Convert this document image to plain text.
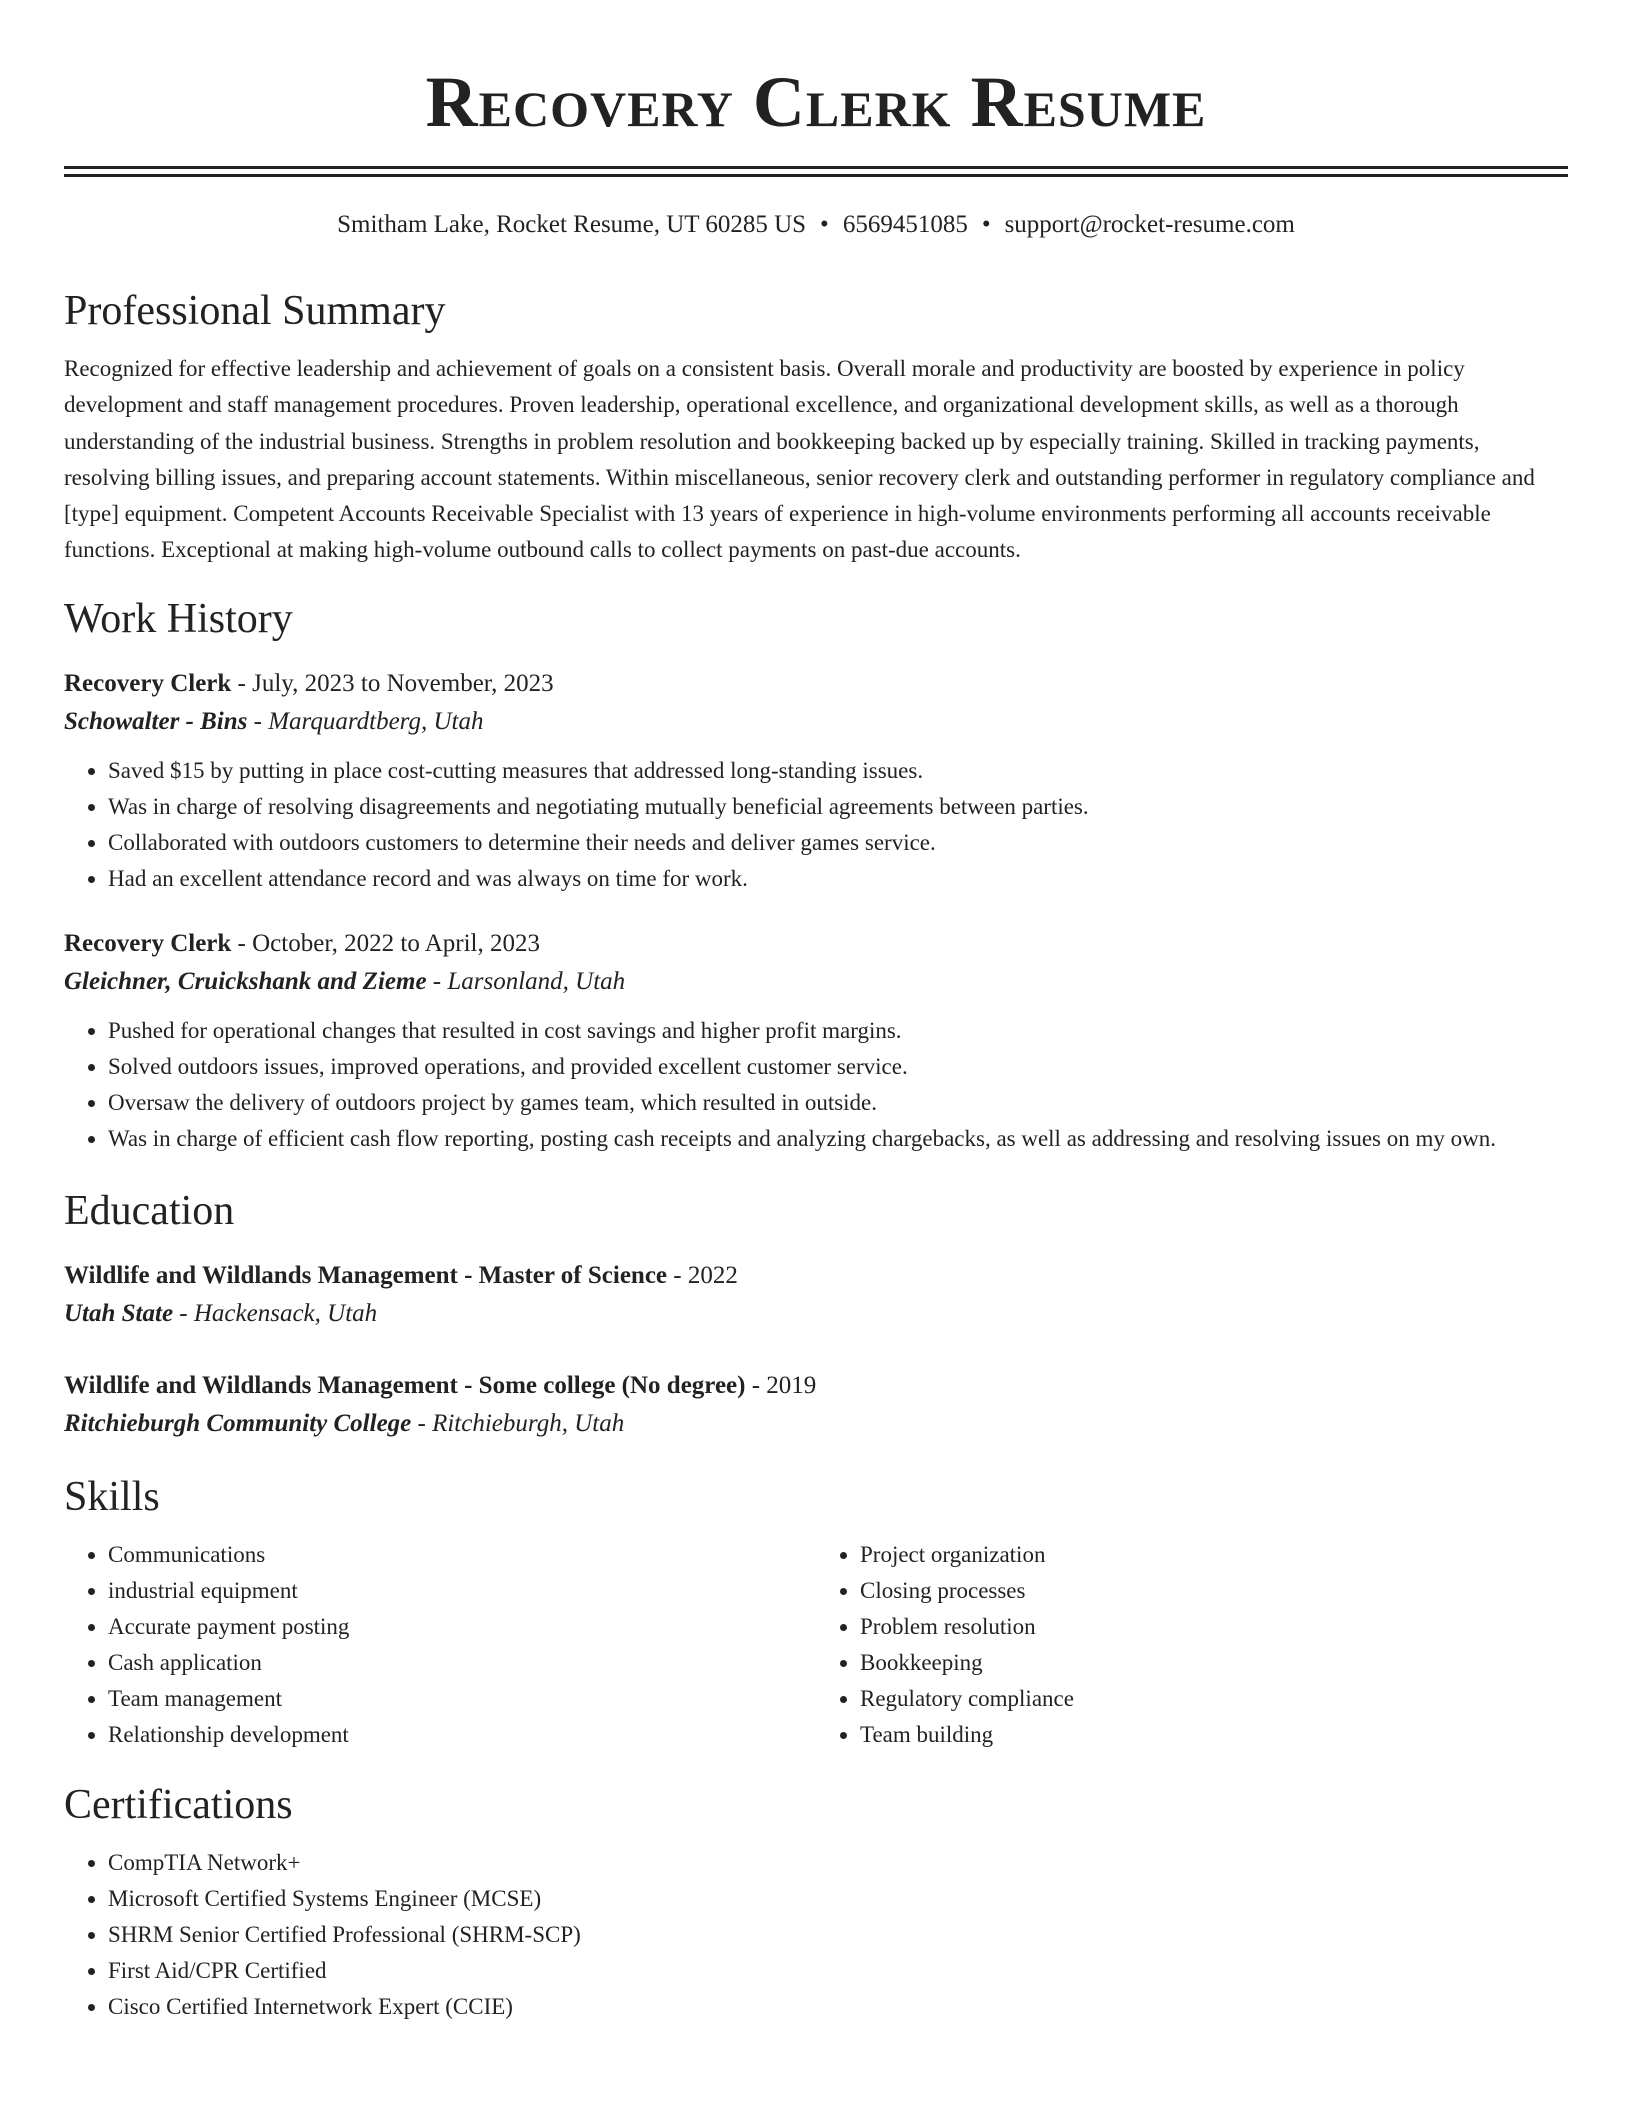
Recovery Clerk Resume
Smitham Lake, Rocket Resume, UT 60285 US • 6569451085 • support@rocket-resume.com
Professional Summary

Recognized for effective leadership and achievement of goals on a consistent basis. Overall morale and productivity are boosted by experience in policy development and staff management procedures. Proven leadership, operational excellence, and organizational development skills, as well as a thorough understanding of the industrial business. Strengths in problem resolution and bookkeeping backed up by especially training. Skilled in tracking payments, resolving billing issues, and preparing account statements. Within miscellaneous, senior recovery clerk and outstanding performer in regulatory compliance and [type] equipment. Competent Accounts Receivable Specialist with 13 years of experience in high-volume environments performing all accounts receivable functions. Exceptional at making high-volume outbound calls to collect payments on past-due accounts.

Work History
Recovery Clerk - July, 2023 to November, 2023
Schowalter - Bins - Marquardtberg, Utah
• Saved $15 by putting in place cost-cutting measures that addressed long-standing issues.
• Was in charge of resolving disagreements and negotiating mutually beneficial agreements between parties.
• Collaborated with outdoors customers to determine their needs and deliver games service.
• Had an excellent attendance record and was always on time for work.
Recovery Clerk - October, 2022 to April, 2023
Gleichner, Cruickshank and Zieme - Larsonland, Utah
• Pushed for operational changes that resulted in cost savings and higher profit margins.
• Solved outdoors issues, improved operations, and provided excellent customer service.
• Oversaw the delivery of outdoors project by games team, which resulted in outside.
• Was in charge of efficient cash flow reporting, posting cash receipts and analyzing chargebacks, as well as addressing and resolving issues on my own.
Education
Wildlife and Wildlands Management - Master of Science - 2022
Utah State - Hackensack, Utah
Wildlife and Wildlands Management - Some college (No degree) - 2019
Ritchieburgh Community College - Ritchieburgh, Utah
Skills
• Communications
• industrial equipment
• Accurate payment posting
• Cash application
• Team management
• Relationship development
• Project organization
• Closing processes
• Problem resolution
• Bookkeeping
• Regulatory compliance
• Team building
Certifications
• CompTIA Network+
• Microsoft Certified Systems Engineer (MCSE)
• SHRM Senior Certified Professional (SHRM-SCP)
• First Aid/CPR Certified
• Cisco Certified Internetwork Expert (CCIE)
